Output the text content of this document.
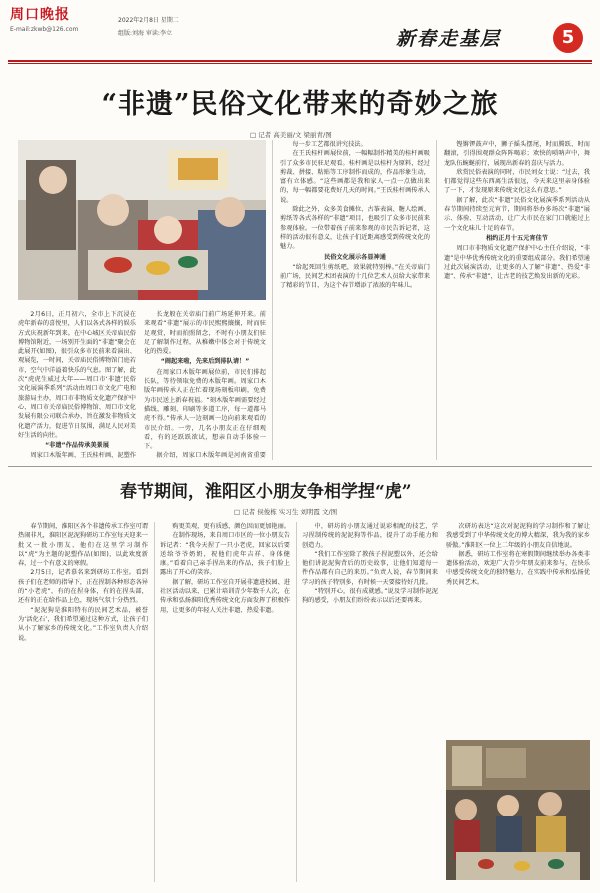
周口晚报
E-mail:zkwb@126.com
2022年2月8日 星期二
组版:刘海 审读:李立	新春走基层	5
“非遗”民俗文化带来的奇妙之旅
□ 记者 高美丽/文 梁丽青/图

2月6日，正月初六，全市上下沉浸在虎年新春的喜悦里，人们以各式各样的娱乐方式庆祝新年到来。在中心城区关帝庙民俗博物馆附近，一场别开生面的“非遗”聚会在此展开(如图)，很引众多市民前来看演出、观展览，一时间，关帝庙民俗博物馆门庭若市，空气中洋溢着快乐的气息。图了解，此次“虎虎生威过大年——周口市‘非遗’民俗文化展演季系列”活动由周口市文化广电和旅游局主办，周口市非物质文化遗产保护中心、周口市关帝庙民俗博物馆、周口市文化发展有限公司联合承办，旨在激发非物质文化遗产活力，促进节日氛围，满足人民对美好生活的向往。

“非遗”作品传承美景展

周家口木版年画、王氏桂杆画、泥塑作

长龙般在关帝庙门前广场延伸开来。前来观看“非遗”展示的市民熙熙攘攘，时而驻足观赏，时而拍照留念，不时有小朋友们驻足了解制作过程，从稚嫩中体会对于传统文化的热爱。

“闹起来啦，先来后到排队请！”

在周家口木版年画展位前，市民们排起长队，等待领取免费的木版年画。周家口木版年画传承人正在忙着现场刻板印刷，免费为市民送上新春祝福。“刻木版年画需要经过描线、雕刻、印刷等多道工序，每一道都马虎不得。”传承人一边刻画一边向前来观看的市民介绍。一旁，几名小朋友正在仔细观看，有的还跃跃欲试，想亲自动手体验一下。

据介绍，周家口木版年画是河南省重要

每一步工艺都很讲究技法。

在王氏桂杆画展位前，一幅幅制作精美的桂杆画吸引了众多市民驻足观看。桂杆画是以桂杆为原料，经过剪裁、拼接、粘贴等工序制作而成的，作品形象生动，富有立体感。“这些画都是我和家人一点一点做出来的，每一幅都要花费好几天的时间。”王氏桂杆画传承人说。

除此之外，众多美食摊位、古筝表演、糖人绘画、剪纸等各式各样的“非遗”项目，也吸引了众多市民前来参观体验。一位带着孩子前来参观的市民告诉记者，这样的活动很有意义，让孩子们近距离感受到传统文化的魅力。

民俗文化展示各显神通

“给起死回生剪纸吧，效果就特别棒。”在关帝庙门前广场，民间艺术团表演的十几位艺术人员给大家带来了精彩的节目，为这个春节增添了浓浓的年味儿。

铿锵锣鼓声中，狮子摇头摆尾，时而腾跃、时而翻滚，引得围观群众阵阵喝彩；欢快的唢呐声中，舞龙队伍蜿蜒前行，展现出新春的喜庆与活力。

欣赏民俗表演的同时，市民刘女士说：“过去，我们都觉得这些东西离生活很远，今天来这里亲身体验了一下，才发现原来传统文化这么有意思。”

据了解，此次“非遗”民俗文化展演季系列活动从春节期间持续至元宵节，期间将举办多场次“非遗”展示、体验、互动活动，让广大市民在家门口就能过上一个文化味儿十足的春节。

相约正月十五元宵佳节

周口市非物质文化遗产保护中心主任介绍说，“非遗”是中华优秀传统文化的重要组成部分。我们希望通过此次展演活动，让更多的人了解“非遗”、热爱“非遗”、传承“非遗”，让古老的技艺焕发出新的光彩。

春节期间，淮阳区小朋友争相学捏“虎”
□ 记者 侯俊栋 实习生 刘明霞 文/图

春节期间，淮阳区各个非遗传承工作室可谓热闹非凡，淮阳区泥泥狗研坊工作室每天迎来一批又一批小朋友，他们在这里学习制作以“虎”为主题的泥塑作品(如图)，以此欢度新春，过一个有意义的寒假。

2月5日，记者慕名来到研坊工作室。看到孩子们在老师的指导下，正在捏制各种形态各异的“小老虎”，有的在捏身体，有的在捏头部，还有的正在给作品上色，现场气氛十分热烈。

“泥泥狗是淮阳特有的民间艺术品，被誉为‘活化石’，我们希望通过这种方式，让孩子们从小了解家乡的传统文化。”工作室负责人介绍说。

购更美观，更有质感，颜色因而更加艳丽。

在制作现场，来自周口市区的一位小朋友告诉记者：“我今天捏了一只小老虎，回家以后要送给爷爷奶奶，祝他们虎年吉祥、身体健康。”看着自己亲手捏出来的作品，孩子们脸上露出了开心的笑容。

据了解，研坊工作室自开展非遗进校园、进社区活动以来，已累计培训青少年数千人次，在传承和弘扬淮阳优秀传统文化方面发挥了积极作用，让更多的年轻人关注非遗、热爱非遗。

中，研坊的小朋友通过说彩相配的技艺，学习捏制传统的泥泥狗等作品，提升了动手能力和创造力。

“我们工作室除了教孩子捏泥塑以外，还会给他们讲泥泥狗背后的历史故事，让他们知道每一件作品都有自己的来历。”负责人说，春节期间来学习的孩子特别多，有时候一天要接待好几批。

“特别开心，很有成就感。”说及学习制作泥泥狗的感受，小朋友们纷纷表示以后还要再来。

次研坊表达“这次对泥泥狗的学习制作和了解让我感受到了中华传统文化的博大精深，我为我的家乡骄傲。”淮阳区一位上二年级的小朋友自信地说。

据悉，研坊工作室将在寒假期间继续举办各类非遗体验活动，欢迎广大青少年朋友前来参与，在快乐中感受传统文化的独特魅力，在实践中传承和弘扬优秀民间艺术。
